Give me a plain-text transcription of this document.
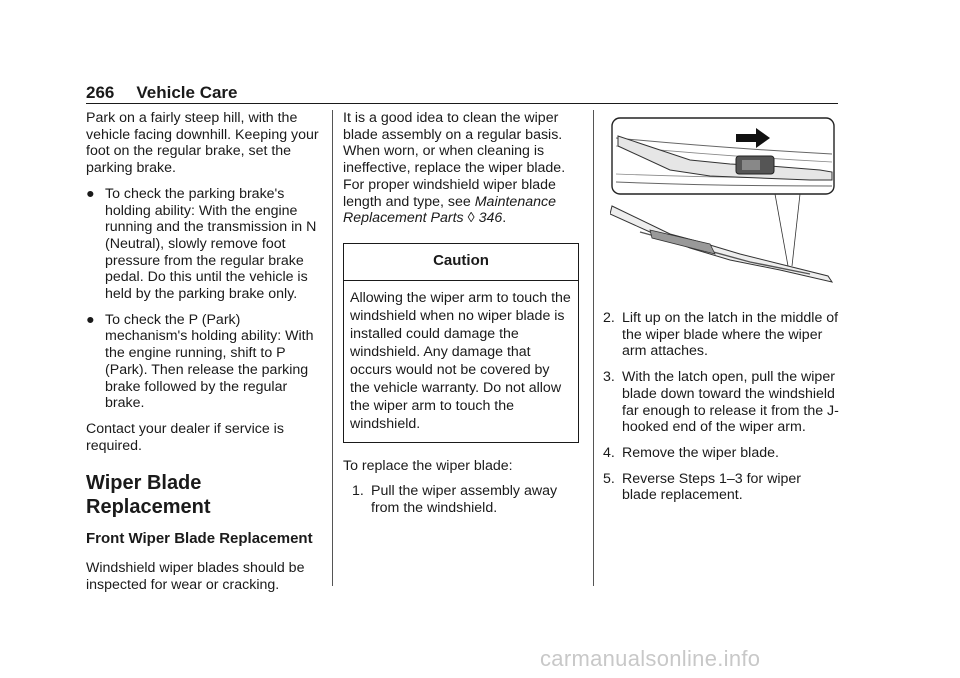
266 Vehicle Care

Park on a fairly steep hill, with the vehicle facing downhill. Keeping your foot on the regular brake, set the parking brake.

● To check the parking brake's holding ability: With the engine running and the transmission in N (Neutral), slowly remove foot pressure from the regular brake pedal. Do this until the vehicle is held by the parking brake only.
● To check the P (Park) mechanism's holding ability: With the engine running, shift to P (Park). Then release the parking brake followed by the regular brake.

Contact your dealer if service is required.

Wiper Blade Replacement
Front Wiper Blade Replacement

Windshield wiper blades should be inspected for wear or cracking.

It is a good idea to clean the wiper blade assembly on a regular basis. When worn, or when cleaning is ineffective, replace the wiper blade. For proper windshield wiper blade length and type, see Maintenance Replacement Parts ◊ 346.

Caution
Allowing the wiper arm to touch the windshield when no wiper blade is installed could damage the windshield. Any damage that occurs would not be covered by the vehicle warranty. Do not allow the wiper arm to touch the windshield.

To replace the wiper blade:

1. Pull the wiper assembly away from the windshield.
2. Lift up on the latch in the middle of the wiper blade where the wiper arm attaches.
3. With the latch open, pull the wiper blade down toward the windshield far enough to release it from the J-hooked end of the wiper arm.
4. Remove the wiper blade.
5. Reverse Steps 1–3 for wiper blade replacement.
carmanualsonline.info
